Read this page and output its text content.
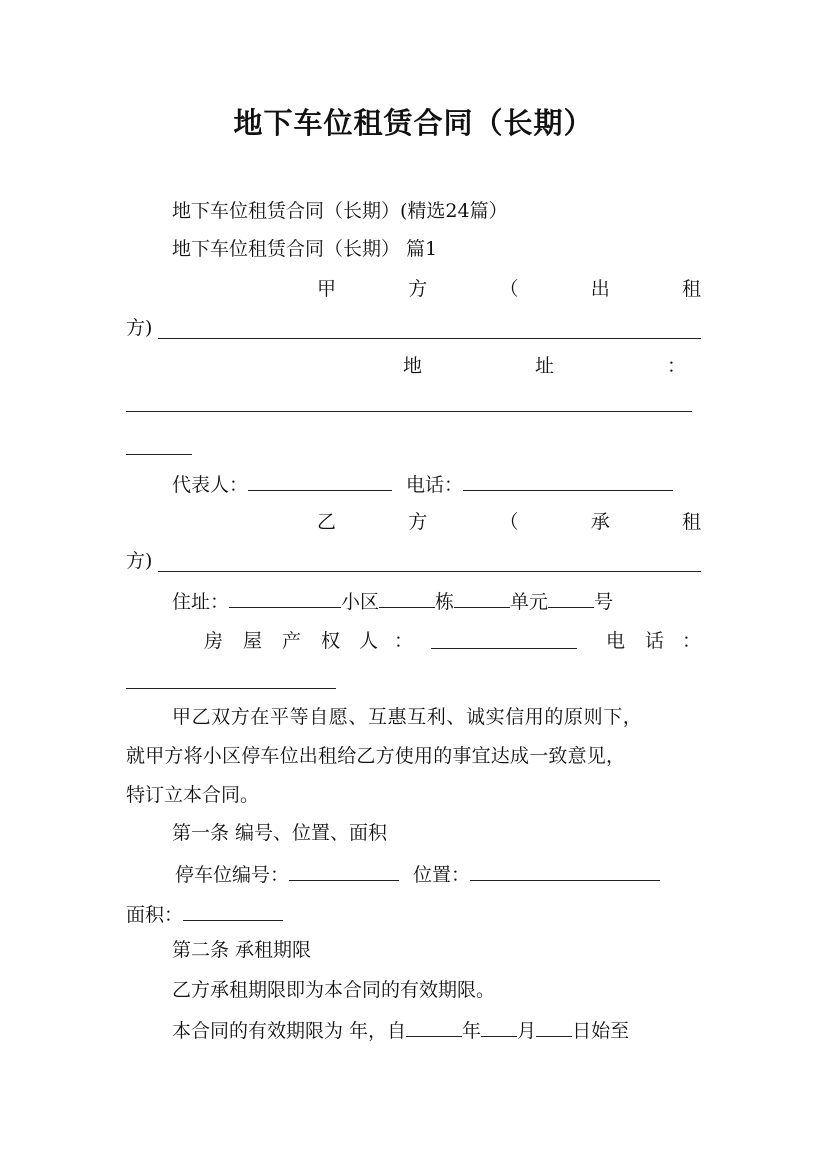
地下车位租赁合同（长期）
地下车位租赁合同（长期）(精选24篇）
地下车位租赁合同（长期） 篇1
甲	方	（	出	租
方)
地	址	：
代表人：	电话：
乙	方	（	承	租
方)
住址：	小区	栋	单元 号
房 屋 产 权 人 ：	电 话 ：
甲乙双方在平等自愿、互惠互利、诚实信用的原则下，
就甲方将小区停车位出租给乙方使用的事宜达成一致意见，
特订立本合同。
第一条 编号、位置、面积
停车位编号：	位置：
面积：
第二条 承租期限
乙方承租期限即为本合同的有效期限。
本合同的有效期限为 年，自	年 月 日始至
